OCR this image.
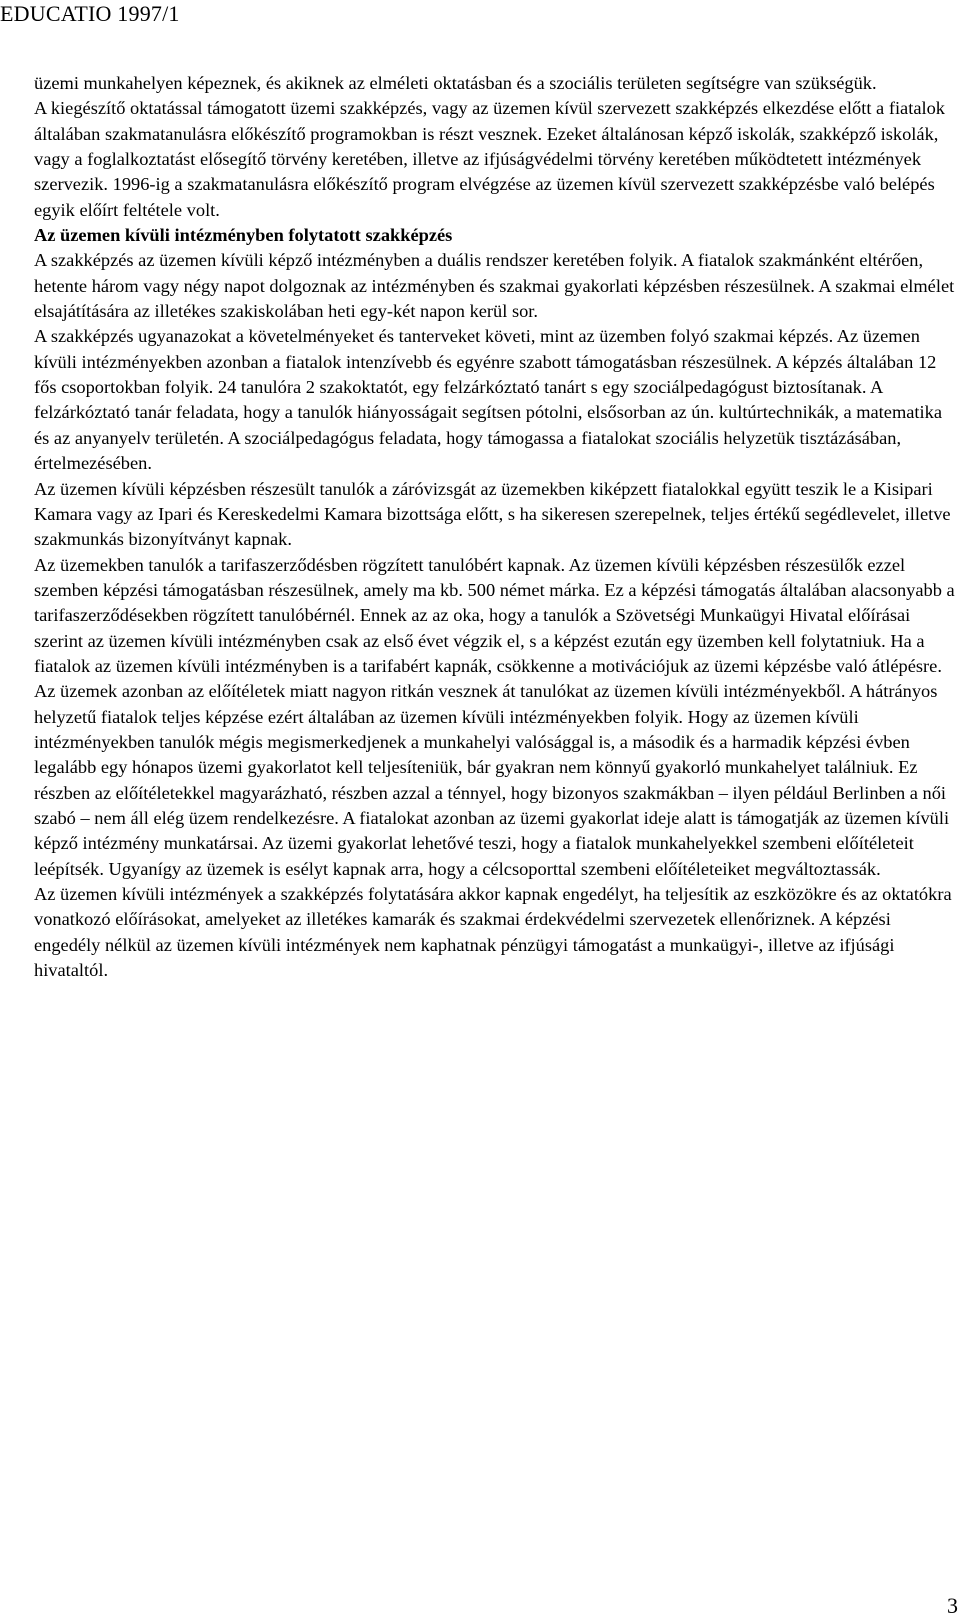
EDUCATIO 1997/1

üzemi munkahelyen képeznek, és akiknek az elméleti oktatásban és a szociális területen segítségre van szükségük.

A kiegészítő oktatással támogatott üzemi szakképzés, vagy az üzemen kívül szervezett szakképzés elkezdése előtt a fiatalok általában szakmatanulásra előkészítő programokban is részt vesznek. Ezeket általánosan képző iskolák, szakképző iskolák, vagy a foglalkoztatást elősegítő törvény keretében, illetve az ifjúságvédelmi törvény keretében működtetett intézmények szervezik. 1996-ig a szakmatanulásra előkészítő program elvégzése az üzemen kívül szervezett szakképzésbe való belépés egyik előírt feltétele volt.

Az üzemen kívüli intézményben folytatott szakképzés

A szakképzés az üzemen kívüli képző intézményben a duális rendszer keretében folyik. A fiatalok szakmánként eltérően, hetente három vagy négy napot dolgoznak az intézményben és szakmai gyakorlati képzésben részesülnek. A szakmai elmélet elsajátítására az illetékes szakiskolában heti egy-két napon kerül sor.

A szakképzés ugyanazokat a követelményeket és tanterveket követi, mint az üzemben folyó szakmai képzés. Az üzemen kívüli intézményekben azonban a fiatalok intenzívebb és egyénre szabott támogatásban részesülnek. A képzés általában 12 fős csoportokban folyik. 24 tanulóra 2 szakoktatót, egy felzárkóztató tanárt s egy szociálpedagógust biztosítanak. A felzárkóztató tanár feladata, hogy a tanulók hiányosságait segítsen pótolni, elsősorban az ún. kultúrtechnikák, a matematika és az anyanyelv területén. A szociálpedagógus feladata, hogy támogassa a fiatalokat szociális helyzetük tisztázásában, értelmezésében.

Az üzemen kívüli képzésben részesült tanulók a záróvizsgát az üzemekben kiképzett fiatalokkal együtt teszik le a Kisipari Kamara vagy az Ipari és Kereskedelmi Kamara bizottsága előtt, s ha sikeresen szerepelnek, teljes értékű segédlevelet, illetve szakmunkás bizonyítványt kapnak.

Az üzemekben tanulók a tarifaszerződésben rögzített tanulóbért kapnak. Az üzemen kívüli képzésben részesülők ezzel szemben képzési támogatásban részesülnek, amely ma kb. 500 német márka. Ez a képzési támogatás általában alacsonyabb a tarifaszerződésekben rögzített tanulóbérnél. Ennek az az oka, hogy a tanulók a Szövetségi Munkaügyi Hivatal előírásai szerint az üzemen kívüli intézményben csak az első évet végzik el, s a képzést ezután egy üzemben kell folytatniuk. Ha a fiatalok az üzemen kívüli intézményben is a tarifabért kapnák, csökkenne a motivációjuk az üzemi képzésbe való átlépésre.

Az üzemek azonban az előítéletek miatt nagyon ritkán vesznek át tanulókat az üzemen kívüli intézményekből. A hátrányos helyzetű fiatalok teljes képzése ezért általában az üzemen kívüli intézményekben folyik. Hogy az üzemen kívüli intézményekben tanulók mégis megismerkedjenek a munkahelyi valósággal is, a második és a harmadik képzési évben legalább egy hónapos üzemi gyakorlatot kell teljesíteniük, bár gyakran nem könnyű gyakorló munkahelyet találniuk. Ez részben az előítéletekkel magyarázható, részben azzal a ténnyel, hogy bizonyos szakmákban – ilyen például Berlinben a női szabó – nem áll elég üzem rendelkezésre. A fiatalokat azonban az üzemi gyakorlat ideje alatt is támogatják az üzemen kívüli képző intézmény munkatársai. Az üzemi gyakorlat lehetővé teszi, hogy a fiatalok munkahelyekkel szembeni előítéleteit leépítsék. Ugyanígy az üzemek is esélyt kapnak arra, hogy a célcsoporttal szembeni előítéleteiket megváltoztassák.

Az üzemen kívüli intézmények a szakképzés folytatására akkor kapnak engedélyt, ha teljesítik az eszközökre és az oktatókra vonatkozó előírásokat, amelyeket az illetékes kamarák és szakmai érdekvédelmi szervezetek ellenőriznek. A képzési engedély nélkül az üzemen kívüli intézmények nem kaphatnak pénzügyi támogatást a munkaügyi-, illetve az ifjúsági hivataltól.

3
